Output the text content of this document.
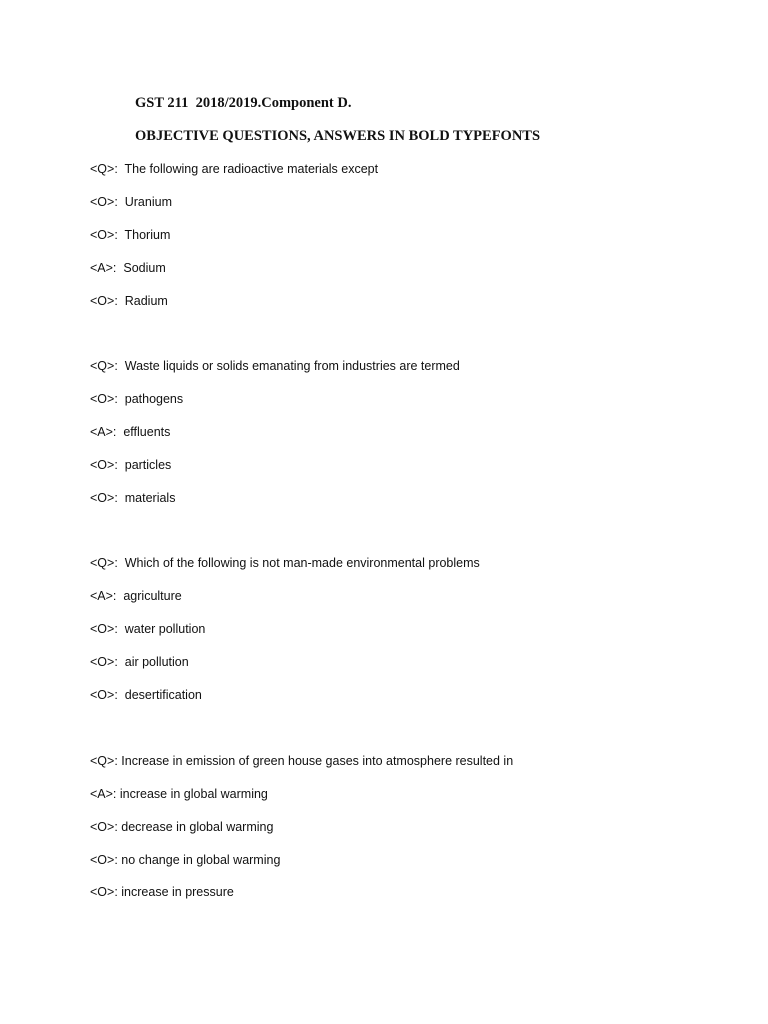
GST 211  2018/2019.Component D.
OBJECTIVE QUESTIONS, ANSWERS IN BOLD TYPEFONTS
<Q>:  The following are radioactive materials except
<O>:  Uranium
<O>:  Thorium
<A>:  Sodium
<O>:  Radium
<Q>:  Waste liquids or solids emanating from industries are termed
<O>:  pathogens
<A>:  effluents
<O>:  particles
<O>:  materials
<Q>:  Which of the following is not man-made environmental problems
<A>:  agriculture
<O>:  water pollution
<O>:  air pollution
<O>:  desertification
<Q>: Increase in emission of green house gases into atmosphere resulted in
<A>: increase in global warming
<O>: decrease in global warming
<O>: no change in global warming
<O>: increase in pressure
